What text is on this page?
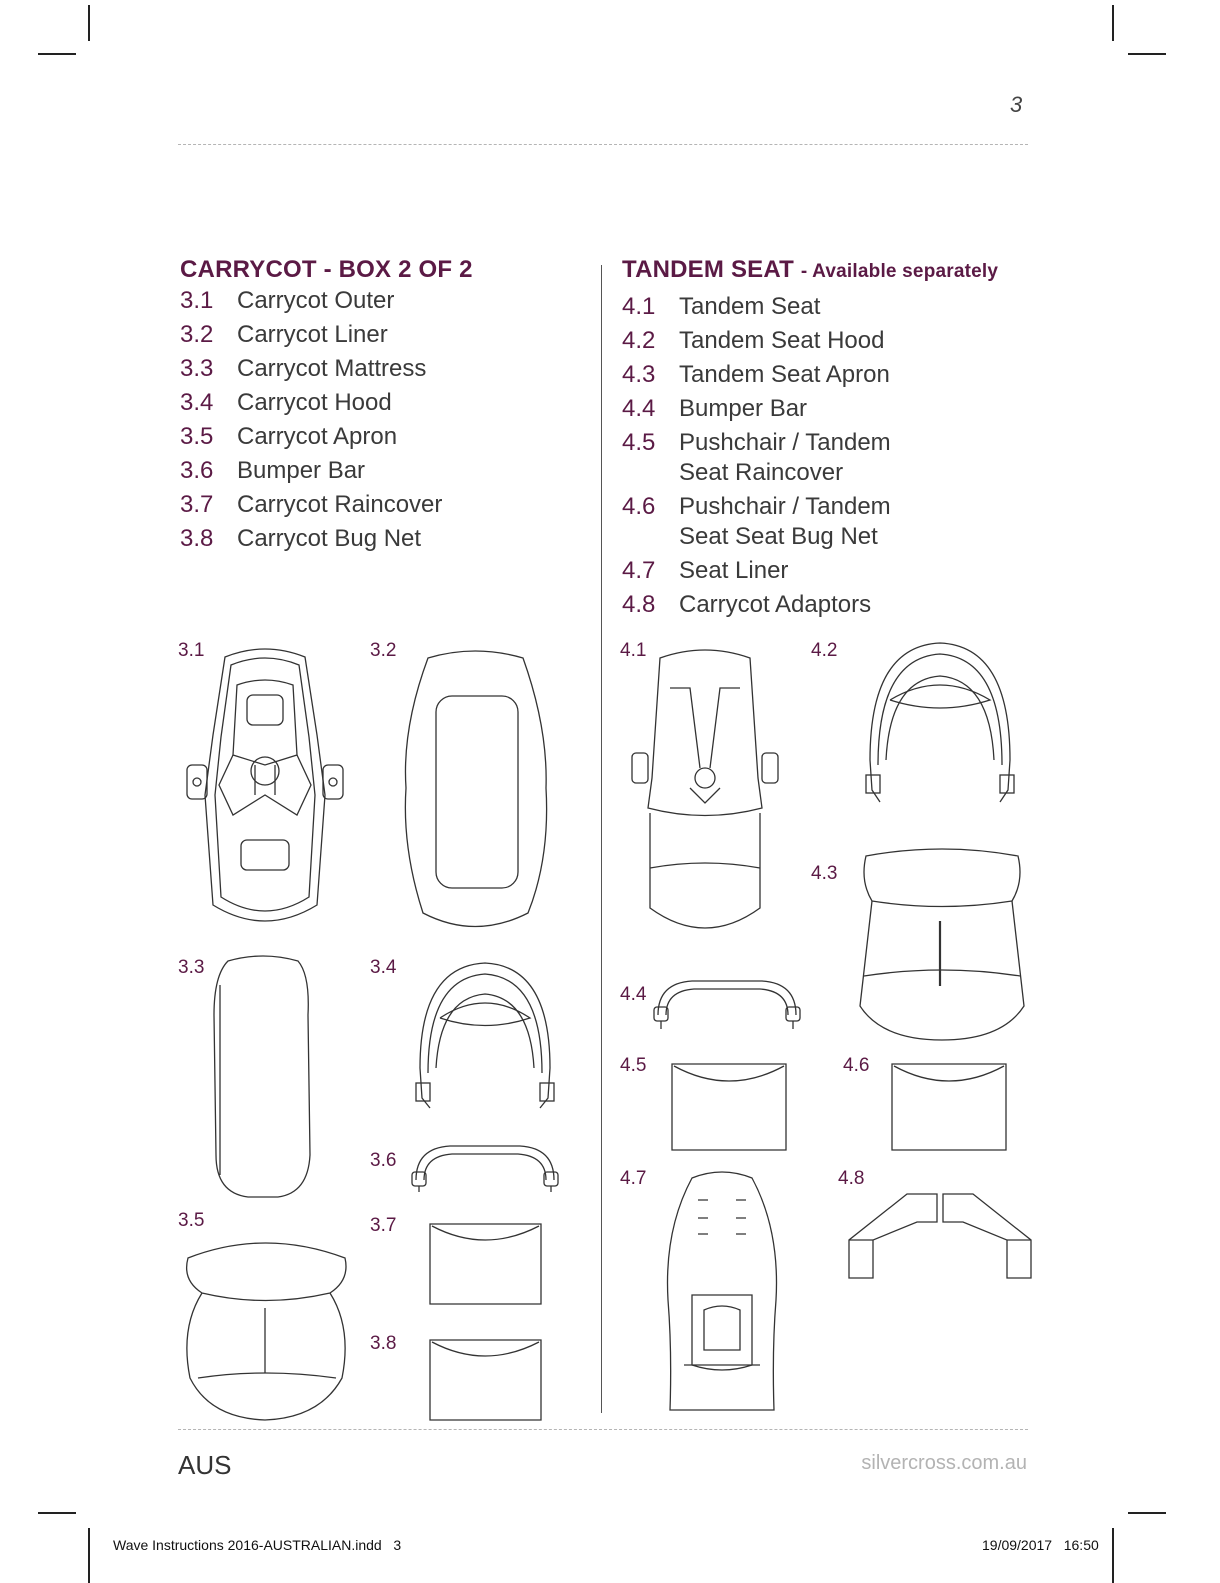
3
CARRYCOT - BOX 2 OF 2
3.1 Carrycot Outer
3.2 Carrycot Liner
3.3 Carrycot Mattress
3.4 Carrycot Hood
3.5 Carrycot Apron
3.6 Bumper Bar
3.7 Carrycot Raincover
3.8 Carrycot Bug Net
TANDEM SEAT - Available separately
4.1 Tandem Seat
4.2 Tandem Seat Hood
4.3 Tandem Seat Apron
4.4 Bumper Bar
4.5 Pushchair / Tandem Seat Raincover
4.6 Pushchair / Tandem Seat Seat Bug Net
4.7 Seat Liner
4.8 Carrycot Adaptors
3.1	3.2
3.3	3.4
3.5
3.6
3.7
3.8
4.1	4.2
4.3
4.4
4.5	4.6
4.7	4.8
AUS	silvercross.com.au
Wave Instructions 2016-AUSTRALIAN.indd   3	19/09/2017   16:50
